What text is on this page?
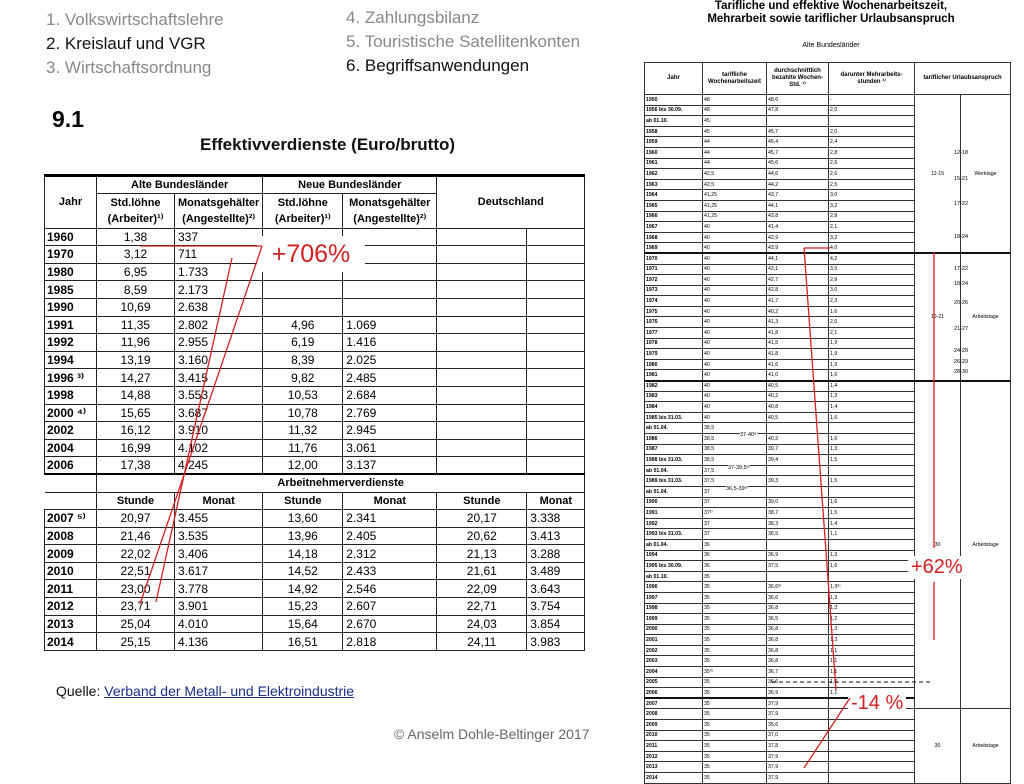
1. Volkswirtschaftslehre
2. Kreislauf und VGR
3. Wirtschaftsordnung
4. Zahlungsbilanz
5. Touristische Satellitenkonten
6. Begriffsanwendungen
9.1
Effektivverdienste (Euro/brutto)
Jahr	Alte Bundesländer		Neue Bundesländer		Deutschland	
	Std.löhne (Arbeiter)¹⁾	Monatsgehälter (Angestellte)²⁾	Std.löhne (Arbeiter)¹⁾	Monatsgehälter (Angestellte)²⁾		
1960	1,38	337				
1970	3,12	711				
1980	6,95	1.733				
1985	8,59	2.173				
1990	10,69	2.638				
1991	11,35	2.802	4,96	1.069		
1992	11,96	2.955	6,19	1.416		
1994	13,19	3.160	8,39	2.025		
1996 ³⁾	14,27	3.415	9,82	2.485		
1998	14,88	3.553	10,53	2.684		
2000 ⁴⁾	15,65	3.687	10,78	2.769		
2002	16,12	3.910	11,32	2.945		
2004	16,99	4.102	11,76	3.061		
2006	17,38	4.245	12,00	3.137		
	Arbeitnehmerverdienste					
	Stunde	Monat	Stunde	Monat	Stunde	Monat
2007 ⁵⁾	20,97	3.455	13,60	2.341	20,17	3.338
2008	21,46	3.535	13,96	2.405	20,62	3.413
2009	22,02	3.406	14,18	2.312	21,13	3.288
2010	22,51	3.617	14,52	2.433	21,61	3.489
2011	23,00	3.778	14,92	2.546	22,09	3.643
2012	23,71	3.901	15,23	2.607	22,71	3.754
2013	25,04	4.010	15,64	2.670	24,03	3.854
2014	25,15	4.136	16,51	2.818	24,11	3.983
Quelle: Verband der Metall- und Elektroindustrie
© Anselm Dohle-Beltinger 2017
Tarifliche und effektive Wochenarbeitszeit,
Mehrarbeit sowie tariflicher Urlaubsanspruch
Alte Bundesländer
Jahr	tarifliche Wochenarbeitszeit	durchschnittlich bezahlte Wochen-Std. ¹⁾	darunter Mehrarbeits-stunden ¹⁾	tariflicher Urlaubsanspruch	
1950	48	48,6	-	12-15	Werktage
1956 bis 30.09.	48	47,8	2,0		
ab 01.10.	45				
1958	45	45,7	2,0		
1959	44	45,4	2,4		
1960	44	45,7	2,8		
1961	44	45,6	2,6		
1962	42,5	44,6	2,6		
1963	42,5	44,2	2,5		
1964	41,25	43,7	3,0		
1965	41,25	44,1	3,2		
1966	41,25	43,8	2,9		
1967	40	41,4	2,1		
1968	40	42,9	3,2		
1969	40	43,9	4,0		
1970	40	44,1	4,2	16-21	Arbeitstage
1971	40	43,1	3,5		
1972	40	42,7	2,9		
1973	40	42,8	3,0		
1974	40	41,7	2,3		
1975	40	40,2	1,6		
1976	40	41,3	2,0		
1977	40	41,8	2,1		
1978	40	41,5	1,9		
1979	40	41,8	1,9		
1980	40	41,6	1,9		
1981	40	41,0	1,6		
1982	40	40,5	1,4	30	Arbeitstage
1983	40	40,2	1,3		
1984	40	40,8	1,4		
1985 bis 31.03.	40	40,5	1,6		
ab 01.04.	38,5				
1986	38,5	40,2	1,6		
1987	38,5	39,7	1,3		
1988 bis 31.03.	38,5	39,4	1,5		
ab 01.04.	37,5				
1989 bis 31.03.	37,5	39,3	1,5		
ab 01.04.	37				
1990	37	39,0	1,6		
1991	37²⁾	38,7	1,5		
1992	37	38,3	1,4		
1993 bis 31.03.	37	36,5	1,1		
ab 01.04.	36				
1994	36	36,9	1,3		
1995 bis 30.09.	36	37,5	1,6		
ab 01.10.	35				
1996	35	36,6⁸⁾	1,3⁸⁾		
1997	35	36,6	1,3		
1998	35	36,8	1,3		
1999	35	36,5	1,2		
2000	35	36,8	1,3		
2001	35	36,8	1,3		
2002	35	36,8	1,1		
2003	35	36,8	1,1		
2004	35⁹⁾	36,7	1,1		
2005	35	36,6	1,0		
2006	35	36,9	1,1		
2007	35	37,9			
2008	35	37,9		30	Arbeitstage
2009	35	35,6			
2010	35	37,0			
2011	35	37,8			
2012	35	37,9			
2013	35	37,9			
2014	35	37,9			
37-40⁵⁾
37-39,5⁶⁾
36,5-39⁶⁾
12-18
15-21
17-22
18-24
17-22
18-24
20-26
21-27
24-28
26-29
28-30
+706%
+62%
-14 %
